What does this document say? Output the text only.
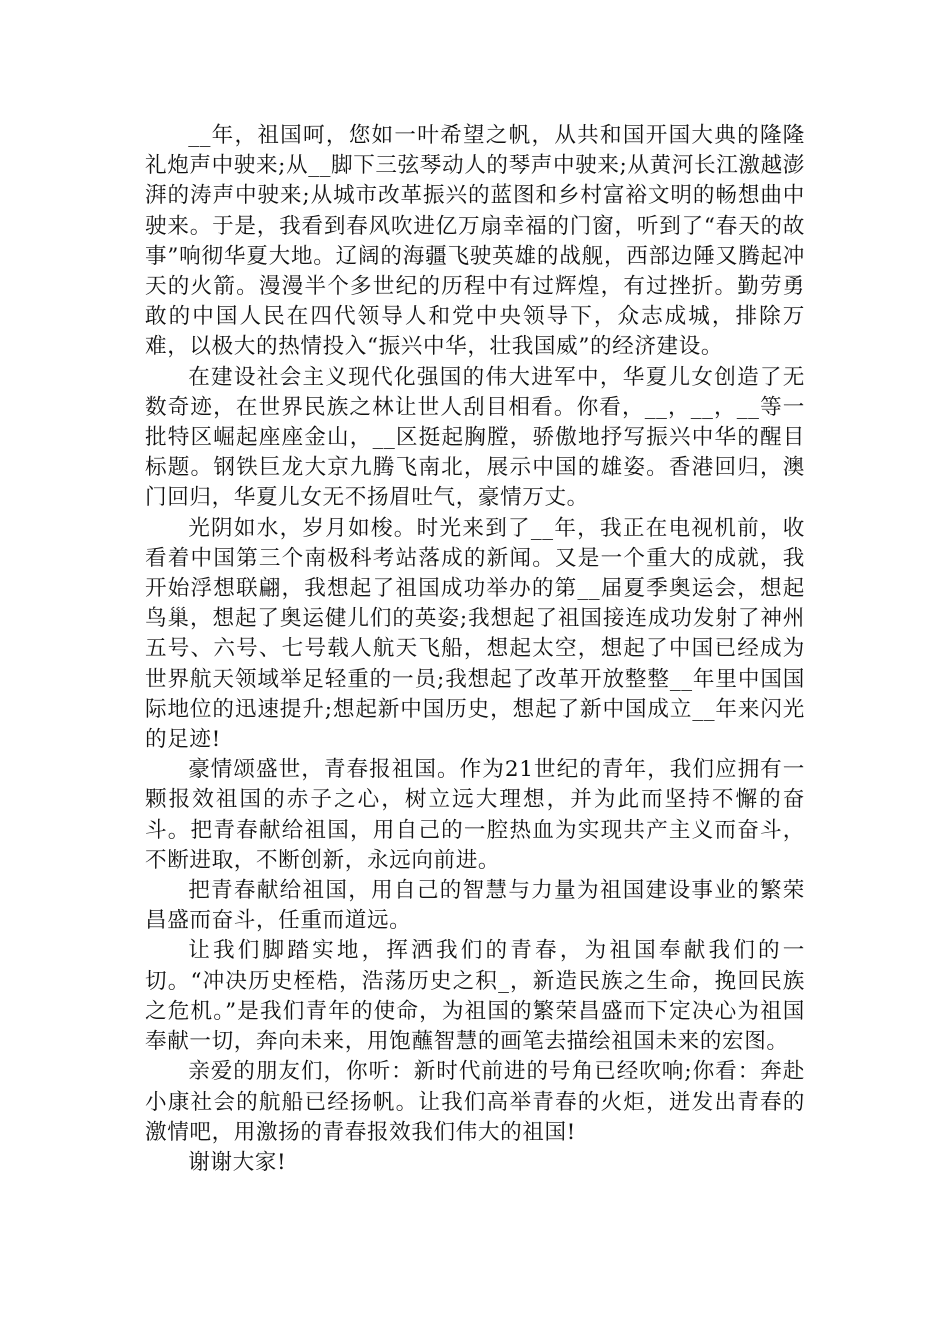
__年，祖国呵，您如一叶希望之帆，从共和国开国大典的隆隆礼炮声中驶来;从__脚下三弦琴动人的琴声中驶来;从黄河长江激越澎湃的涛声中驶来;从城市改革振兴的蓝图和乡村富裕文明的畅想曲中驶来。于是，我看到春风吹进亿万扇幸福的门窗，听到了“春天的故事”响彻华夏大地。辽阔的海疆飞驶英雄的战舰，西部边陲又腾起冲天的火箭。漫漫半个多世纪的历程中有过辉煌，有过挫折。勤劳勇敢的中国人民在四代领导人和党中央领导下，众志成城，排除万难，以极大的热情投入“振兴中华，壮我国威”的经济建设。

在建设社会主义现代化强国的伟大进军中，华夏儿女创造了无数奇迹，在世界民族之林让世人刮目相看。你看，__，__，__等一批特区崛起座座金山，__区挺起胸膛，骄傲地抒写振兴中华的醒目标题。钢铁巨龙大京九腾飞南北，展示中国的雄姿。香港回归，澳门回归，华夏儿女无不扬眉吐气，豪情万丈。

光阴如水，岁月如梭。时光来到了__年，我正在电视机前，收看着中国第三个南极科考站落成的新闻。又是一个重大的成就，我开始浮想联翩，我想起了祖国成功举办的第__届夏季奥运会，想起鸟巢，想起了奥运健儿们的英姿;我想起了祖国接连成功发射了神州五号、六号、七号载人航天飞船，想起太空，想起了中国已经成为世界航天领域举足轻重的一员;我想起了改革开放整整__年里中国国际地位的迅速提升;想起新中国历史，想起了新中国成立__年来闪光的足迹!

豪情颂盛世，青春报祖国。作为21世纪的青年，我们应拥有一颗报效祖国的赤子之心，树立远大理想，并为此而坚持不懈的奋斗。把青春献给祖国，用自己的一腔热血为实现共产主义而奋斗，不断进取，不断创新，永远向前进。

把青春献给祖国，用自己的智慧与力量为祖国建设事业的繁荣昌盛而奋斗，任重而道远。

让我们脚踏实地，挥洒我们的青春，为祖国奉献我们的一切。“冲决历史桎梏，浩荡历史之积_，新造民族之生命，挽回民族之危机。”是我们青年的使命，为祖国的繁荣昌盛而下定决心为祖国奉献一切，奔向未来，用饱蘸智慧的画笔去描绘祖国未来的宏图。

亲爱的朋友们，你听：新时代前进的号角已经吹响;你看：奔赴小康社会的航船已经扬帆。让我们高举青春的火炬，迸发出青春的激情吧，用激扬的青春报效我们伟大的祖国!

谢谢大家!
